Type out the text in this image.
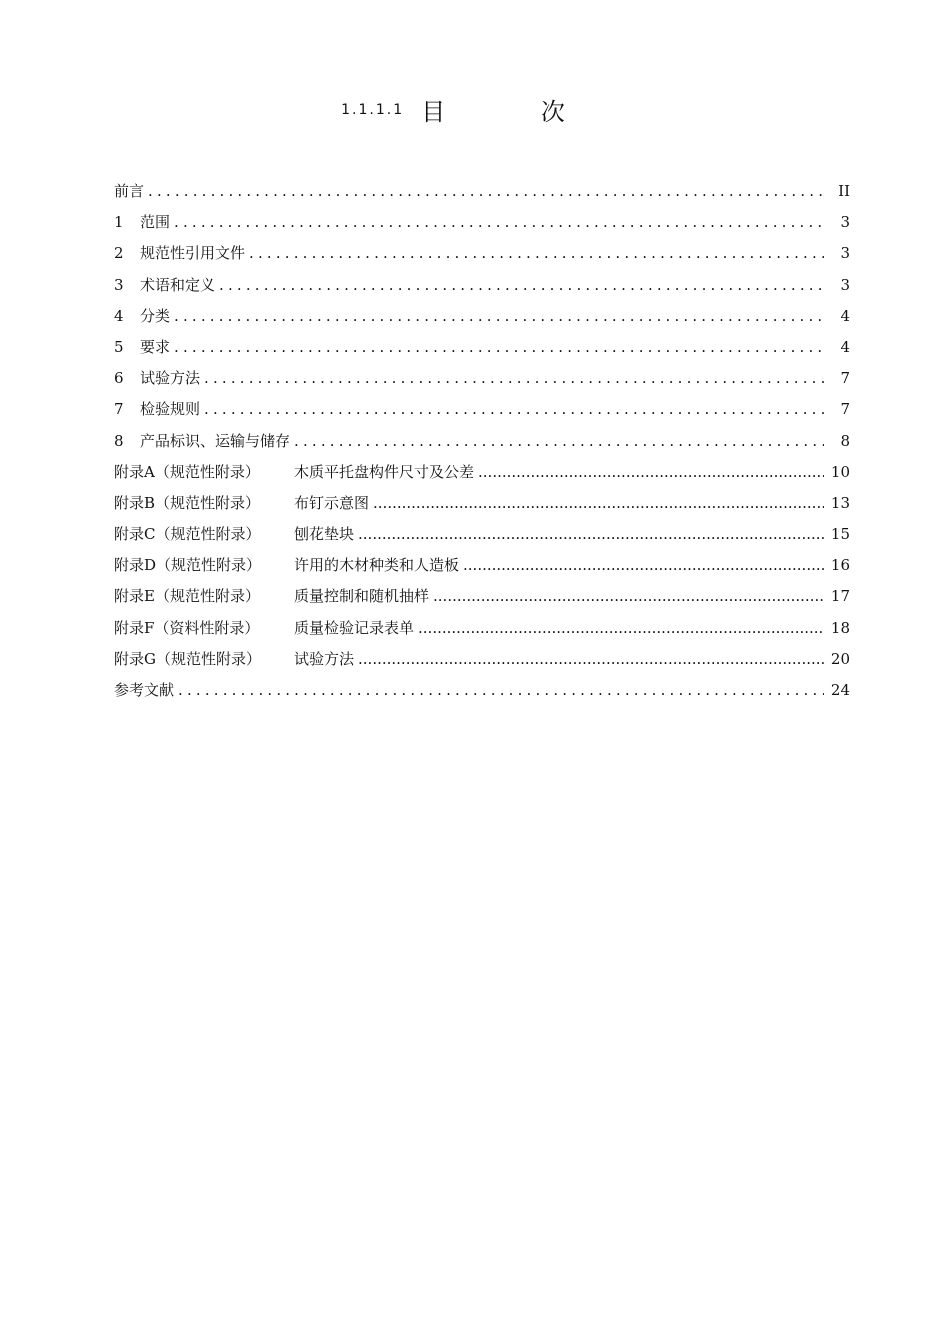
1.1.1.1 目 次
前言 . . .	II
1 范围 . . .	3
2 规范性引用文件 . . .	3
3 术语和定义 . . .	3
4 分类 . . .	4
5 要求 . . .	4
6 试验方法 . . .	7
7 检验规则 . . .	7
8 产品标识、运输与储存 . . .	8
附录A（规范性附录） 木质平托盘构件尺寸及公差 .....	10
附录B（规范性附录） 布钉示意图 .....	13
附录C（规范性附录） 刨花垫块 .....	15
附录D（规范性附录） 许用的木材种类和人造板 .....	16
附录E（规范性附录） 质量控制和随机抽样 .....	17
附录F（资料性附录） 质量检验记录表单 .....	18
附录G（规范性附录） 试验方法 .....	20
参考文献 . . .	24
